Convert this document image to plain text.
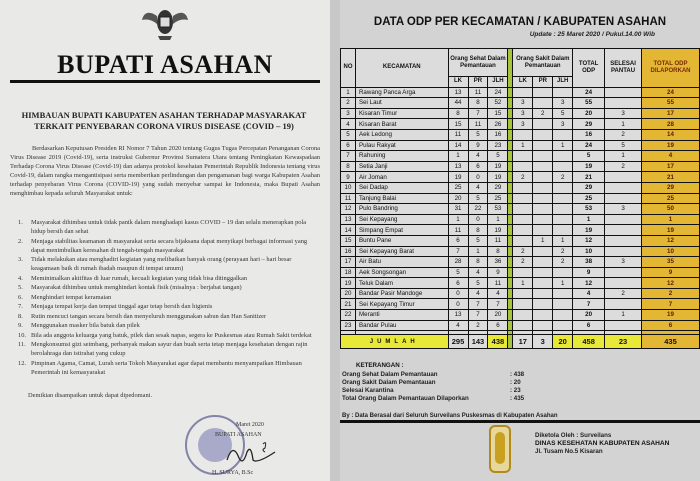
BUPATI ASAHAN
HIMBAUAN BUPATI KABUPATEN ASAHAN TERHADAP MASYARAKAT TERKAIT PENYEBARAN CORONA VIRUS DISEASE (COVID – 19)
Berdasarkan Keputusan Presiden RI Nomor 7 Tahun 2020 tentang Gugus Tugas Percepatan Penanganan Corona Virus Disease 2019 (Covid-19), serta instruksi Gubernur Provinsi Sumatera Utara tentang Peningkatan Kewaspadaan Terhadap Corona Virus Disease (Covid-19) dan adanya protokol kesehatan Pemerintah Republik Indonesia tentang virus Covid-19, dalam rangka mengantisipasi serta memberikan perlindungan dan pengamanan bagi warga Kabupaten Asahan terhadap penyebaran Virus Corona (COVID-19) yang sudah menyebar sampai ke Indonesia, maka Bupati Asahan menghimbau kepada seluruh Masyarakat untuk:
1.	Masyarakat dihimbau untuk tidak panik dalam menghadapi kasus COVID – 19 dan selalu menerapkan pola hidup bersih dan sehat
2.	Menjaga stabilitas keamanan di masyarakat serta secara bijaksana dapat menyikapi berbagai informasi yang dapat menimbulkan keresahan di tengah-tengah masyarakat
3.	Tidak melakukan atau menghadiri kegiatan yang melibatkan banyak orang (perayaan hari – hari besar keagamaan baik di rumah ibadah maupun di tempat umum)
4.	Meminimalkan aktifitas di luar rumah, kecuali kegiatan yang tidak bisa ditinggalkan
5.	Masyarakat dihimbau untuk menghindari kontak fisik (misalnya : berjabat tangan)
6.	Menghindari tempat keramaian
7.	Menjaga tempat kerja dan tempat tinggal agar tetap bersih dan higienis
8.	Rutin mencuci tangan secara bersih dan menyeluruh menggunakan sabun dan Han Sanitizer
9.	Menggunakan masker bila batuk dan pilek
10. Bila ada anggota keluarga yang batuk, pilek dan sesak napas, segera ke Puskesmas atau Rumah Sakit terdekat
11. Mengkonsumsi gizi seimbang, perbanyak makan sayur dan buah serta tetap menjaga kesehatan dengan rajin berolahraga dan istirahat yang cukup
12. Pimpinan Agama, Camat, Lurah serta Tokoh Masyarakat agar dapat membantu menyampaikan Himbauan Pemerintah ini kemasyarakat
Demikian disampaikan untuk dapat dipedomani.
Maret 2020
BUPATI ASAHAN
H. SURYA, B.Sc
DATA ODP PER KECAMATAN / KABUPATEN ASAHAN
Update : 25 Maret 2020 / Pukul.14.00 Wib
NO	KECAMATAN	Orang Sehat Dalam Pemantauan				Orang Sakit Dalam Pemantauan			TOTAL ODP	SELESAI PANTAU	TOTAL ODP DILAPORKAN
		LK	PR	JLH		LK	PR	JLH			
1	Rawang Panca Arga	13	11	24					24		24
2	Sei Laut	44	8	52		3		3	55		55
3	Kisaran Timur	8	7	15		3	2	5	20	3	17
4	Kisaran Barat	15	11	26		3		3	29	1	28
5	Aek Ledong	11	5	16					16	2	14
6	Pulau Rakyat	14	9	23		1		1	24	5	19
7	Rahuning	1	4	5					5	1	4
8	Setia Janji	13	6	19					19	2	17
9	Air Joman	19	0	19		2		2	21		21
10	Sei Dadap	25	4	29					29		29
11	Tanjung Balai	20	5	25					25		25
12	Pulo Bandring	31	22	53					53	3	50
13	Sei Kepayang	1	0	1					1		1
14	Simpang Empat	11	8	19					19		19
15	Buntu Pane	6	5	11			1	1	12		12
16	Sei Kepayang Barat	7	1	8		2		2	10		10
17	Air Batu	28	8	36		2		2	38	3	35
18	Aek Songsongan	5	4	9					9		9
19	Teluk Dalam	6	5	11		1		1	12		12
20	Bandar Pasir Mandoge	0	4	4					4	2	2
21	Sei Kepayang Timur	0	7	7					7		7
22	Meranti	13	7	20					20	1	19
23	Bandar Pulau	4	2	6					6		6

JUMLAH		295	143	438		17	3	20	458	23	435
KETERANGAN :
Orang Sehat Dalam Pemantauan	: 438
Orang Sakit Dalam Pemantauan	: 20
Selesai Karantina	: 23
Total Orang Dalam Pemantauan Dilaporkan	: 435
By : Data Berasal dari Seluruh Surveilans Puskesmas di Kabupaten Asahan
Diketola Oleh : Surveilans
DINAS KESEHATAN KABUPATEN ASAHAN
Jl. Tusam No.5 Kisaran
